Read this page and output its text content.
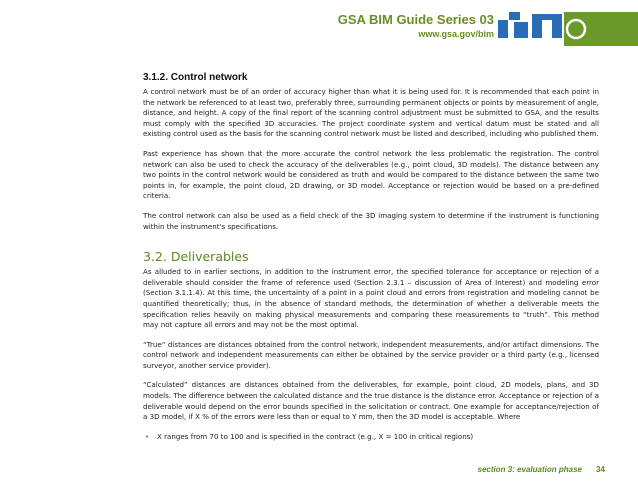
GSA BIM Guide Series 03
www.gsa.gov/bim
3.1.2. Control network

A control network must be of an order of accuracy higher than what it is being used for. It is recommended that each point in the network be referenced to at least two, preferably three, surrounding permanent objects or points by measurement of angle, distance, and height. A copy of the final report of the scanning control adjustment must be submitted to GSA, and the results must comply with the specified 3D accuracies. The project coordinate system and vertical datum must be stated and all existing control used as the basis for the scanning control network must be listed and described, including who published them.

Past experience has shown that the more accurate the control network the less problematic the registration. The control network can also be used to check the accuracy of the deliverables (e.g., point cloud, 3D models). The distance between any two points in the control network would be considered as truth and would be compared to the distance between the same two points in, for example, the point cloud, 2D drawing, or 3D model. Acceptance or rejection would be based on a pre-defined criteria.

The control network can also be used as a field check of the 3D imaging system to determine if the instrument is functioning within the instrument's specifications.

3.2. Deliverables

As alluded to in earlier sections, in addition to the instrument error, the specified tolerance for acceptance or rejection of a deliverable should consider the frame of reference used (Section 2.3.1 – discussion of Area of Interest) and modeling error (Section 3.1.1.4). At this time, the uncertainty of a point in a point cloud and errors from registration and modeling cannot be quantified theoretically; thus, in the absence of standard methods, the determination of whether a deliverable meets the specification relies heavily on making physical measurements and comparing these measurements to “truth”. This method may not capture all errors and may not be the most optimal.

“True” distances are distances obtained from the control network, independent measurements, and/or artifact dimensions. The control network and independent measurements can either be obtained by the service provider or a third party (e.g., licensed surveyor, another service provider).

“Calculated” distances are distances obtained from the deliverables, for example, point cloud, 2D models, plans, and 3D models. The difference between the calculated distance and the true distance is the distance error. Acceptance or rejection of a deliverable would depend on the error bounds specified in the solicitation or contract. One example for acceptance/rejection of a 3D model, if X % of the errors were less than or equal to Y mm, then the 3D model is acceptable. Where

• X ranges from 70 to 100 and is specified in the contract (e.g., X = 100 in critical regions)
section 3: evaluation phase 34
